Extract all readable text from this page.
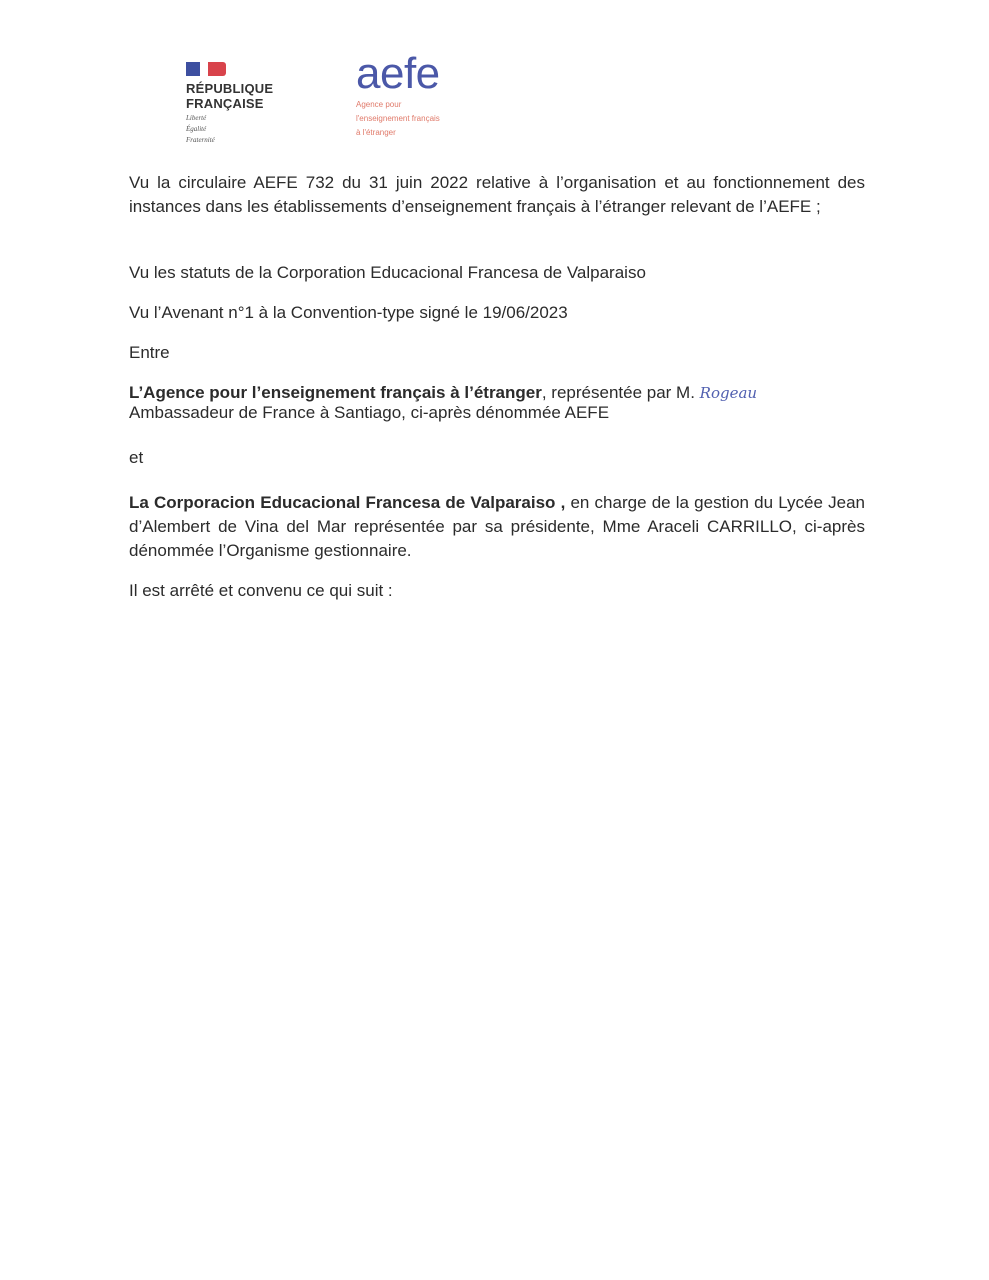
RÉPUBLIQUE
FRANÇAISE
Liberté
Égalité
Fraternité
aefe
Agence pour
l'enseignement français
à l'étranger
Vu la circulaire AEFE 732 du 31 juin 2022 relative à l’organisation et au fonctionnement des instances dans les établissements d’enseignement français à l’étranger relevant de l’AEFE ;
Vu les statuts de la Corporation Educacional Francesa de Valparaiso
Vu l’Avenant n°1 à la Convention-type signé le 19/06/2023
Entre
L’Agence pour l’enseignement français à l’étranger, représentée par M. Rogeau
Ambassadeur de France à Santiago, ci-après dénommée AEFE
et
La Corporacion Educacional Francesa de Valparaiso , en charge de la gestion du Lycée Jean d’Alembert de Vina del Mar représentée par sa présidente, Mme Araceli CARRILLO, ci-après dénommée l’Organisme gestionnaire.
Il est arrêté et convenu ce qui suit :
